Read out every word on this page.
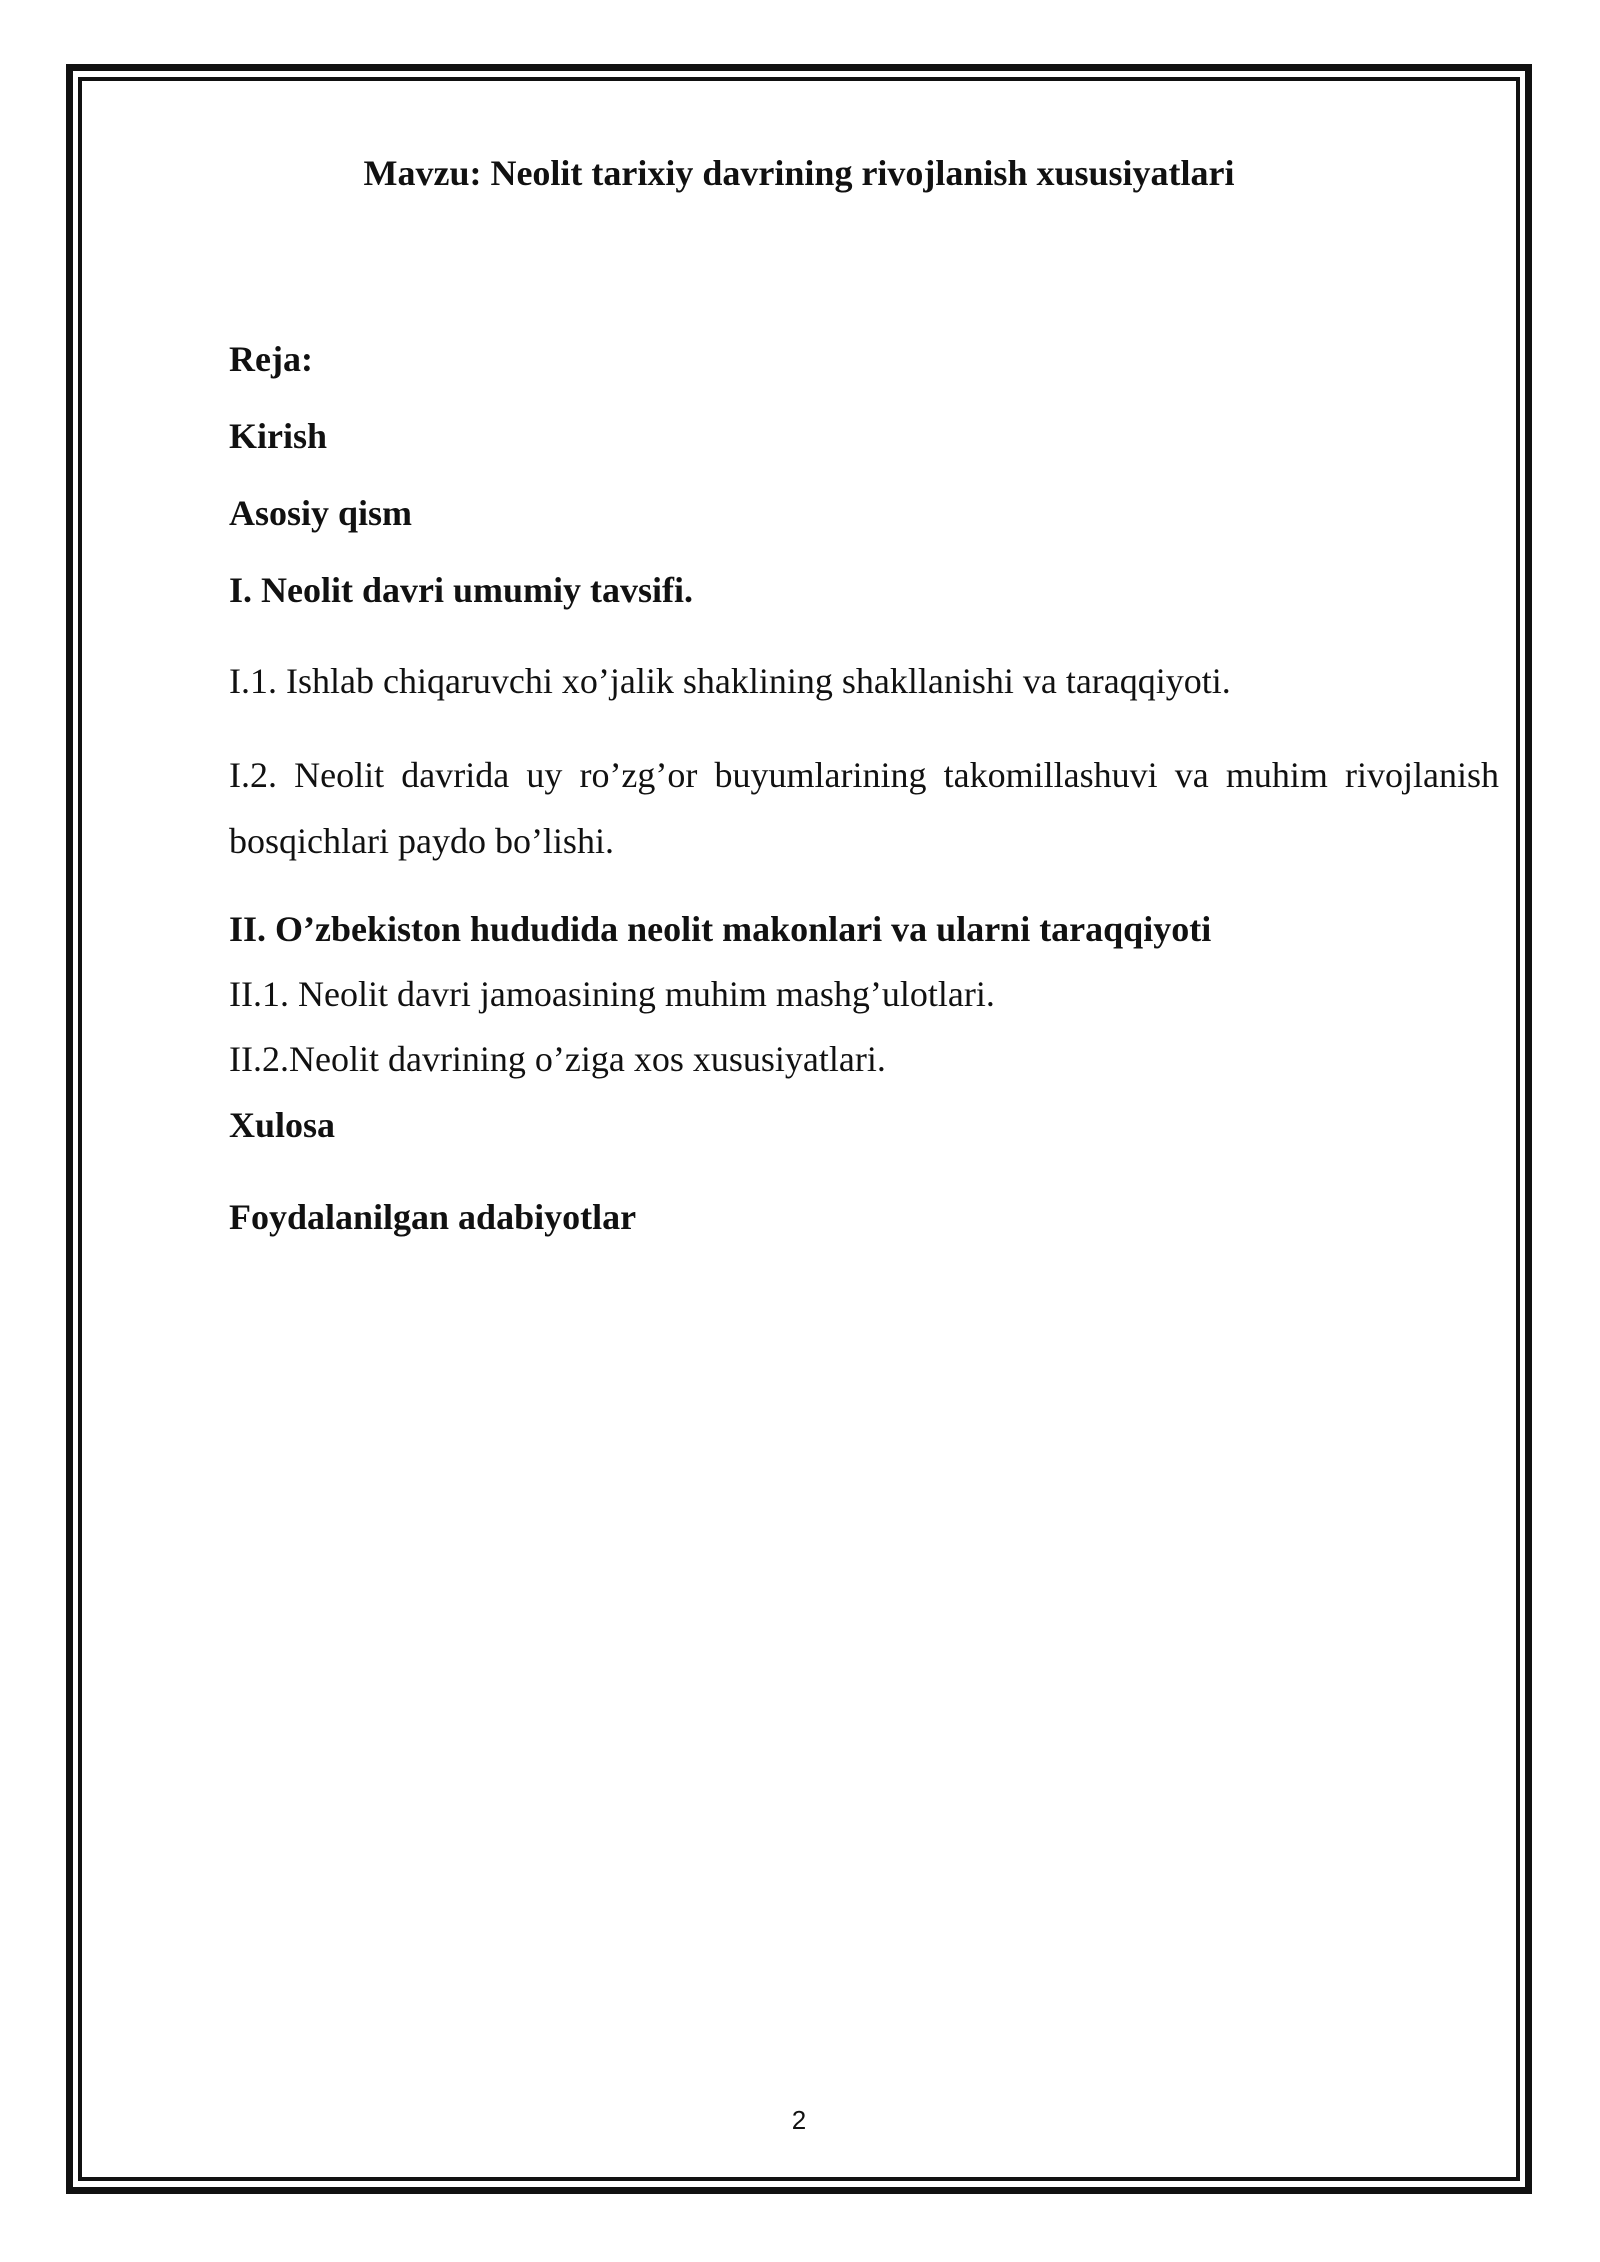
Mavzu: Neolit tarixiy davrining rivojlanish xususiyatlari

Reja:

Kirish

Asosiy qism

I. Neolit davri umumiy tavsifi.

I.1. Ishlab chiqaruvchi xo’jalik shaklining shakllanishi va taraqqiyoti.

I.2. Neolit davrida uy ro’zg’or buyumlarining takomillashuvi va muhim rivojlanish bosqichlari paydo bo’lishi.

II. O’zbekiston hududida neolit makonlari va ularni taraqqiyoti

II.1. Neolit davri jamoasining muhim mashg’ulotlari.

II.2.Neolit davrining o’ziga xos xususiyatlari.

Xulosa

Foydalanilgan adabiyotlar

2
